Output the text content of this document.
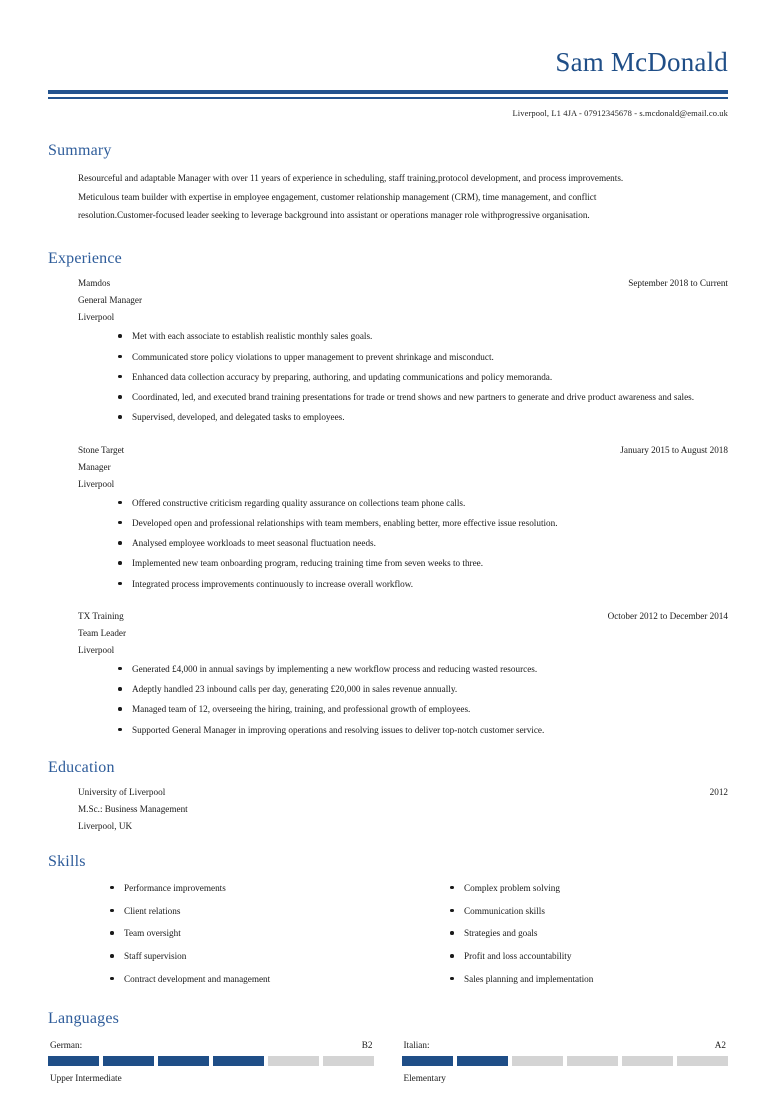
Sam McDonald
Liverpool, L1 4JA - 07912345678 - s.mcdonald@email.co.uk
Summary

Resourceful and adaptable Manager with over 11 years of experience in scheduling, staff training,protocol development, and process improvements.

Meticulous team builder with expertise in employee engagement, customer relationship management (CRM), time management, and conflict

resolution.Customer-focused leader seeking to leverage background into assistant or operations manager role withprogressive organisation.

Experience
Mamdos	September 2018 to Current
General Manager
Liverpool
Met with each associate to establish realistic monthly sales goals.
Communicated store policy violations to upper management to prevent shrinkage and misconduct.
Enhanced data collection accuracy by preparing, authoring, and updating communications and policy memoranda.
Coordinated, led, and executed brand training presentations for trade or trend shows and new partners to generate and drive product awareness and sales.
Supervised, developed, and delegated tasks to employees.
Stone Target	January 2015 to August 2018
Manager
Liverpool
Offered constructive criticism regarding quality assurance on collections team phone calls.
Developed open and professional relationships with team members, enabling better, more effective issue resolution.
Analysed employee workloads to meet seasonal fluctuation needs.
Implemented new team onboarding program, reducing training time from seven weeks to three.
Integrated process improvements continuously to increase overall workflow.
TX Training	October 2012 to December 2014
Team Leader
Liverpool
Generated £4,000 in annual savings by implementing a new workflow process and reducing wasted resources.
Adeptly handled 23 inbound calls per day, generating £20,000 in sales revenue annually.
Managed team of 12, overseeing the hiring, training, and professional growth of employees.
Supported General Manager in improving operations and resolving issues to deliver top-notch customer service.
Education
University of Liverpool	2012
M.Sc.: Business Management
Liverpool, UK
Skills
Performance improvements
Client relations
Team oversight
Staff supervision
Contract development and management
Complex problem solving
Communication skills
Strategies and goals
Profit and loss accountability
Sales planning and implementation
Languages
German:	B2
Upper Intermediate
Italian:	A2
Elementary
